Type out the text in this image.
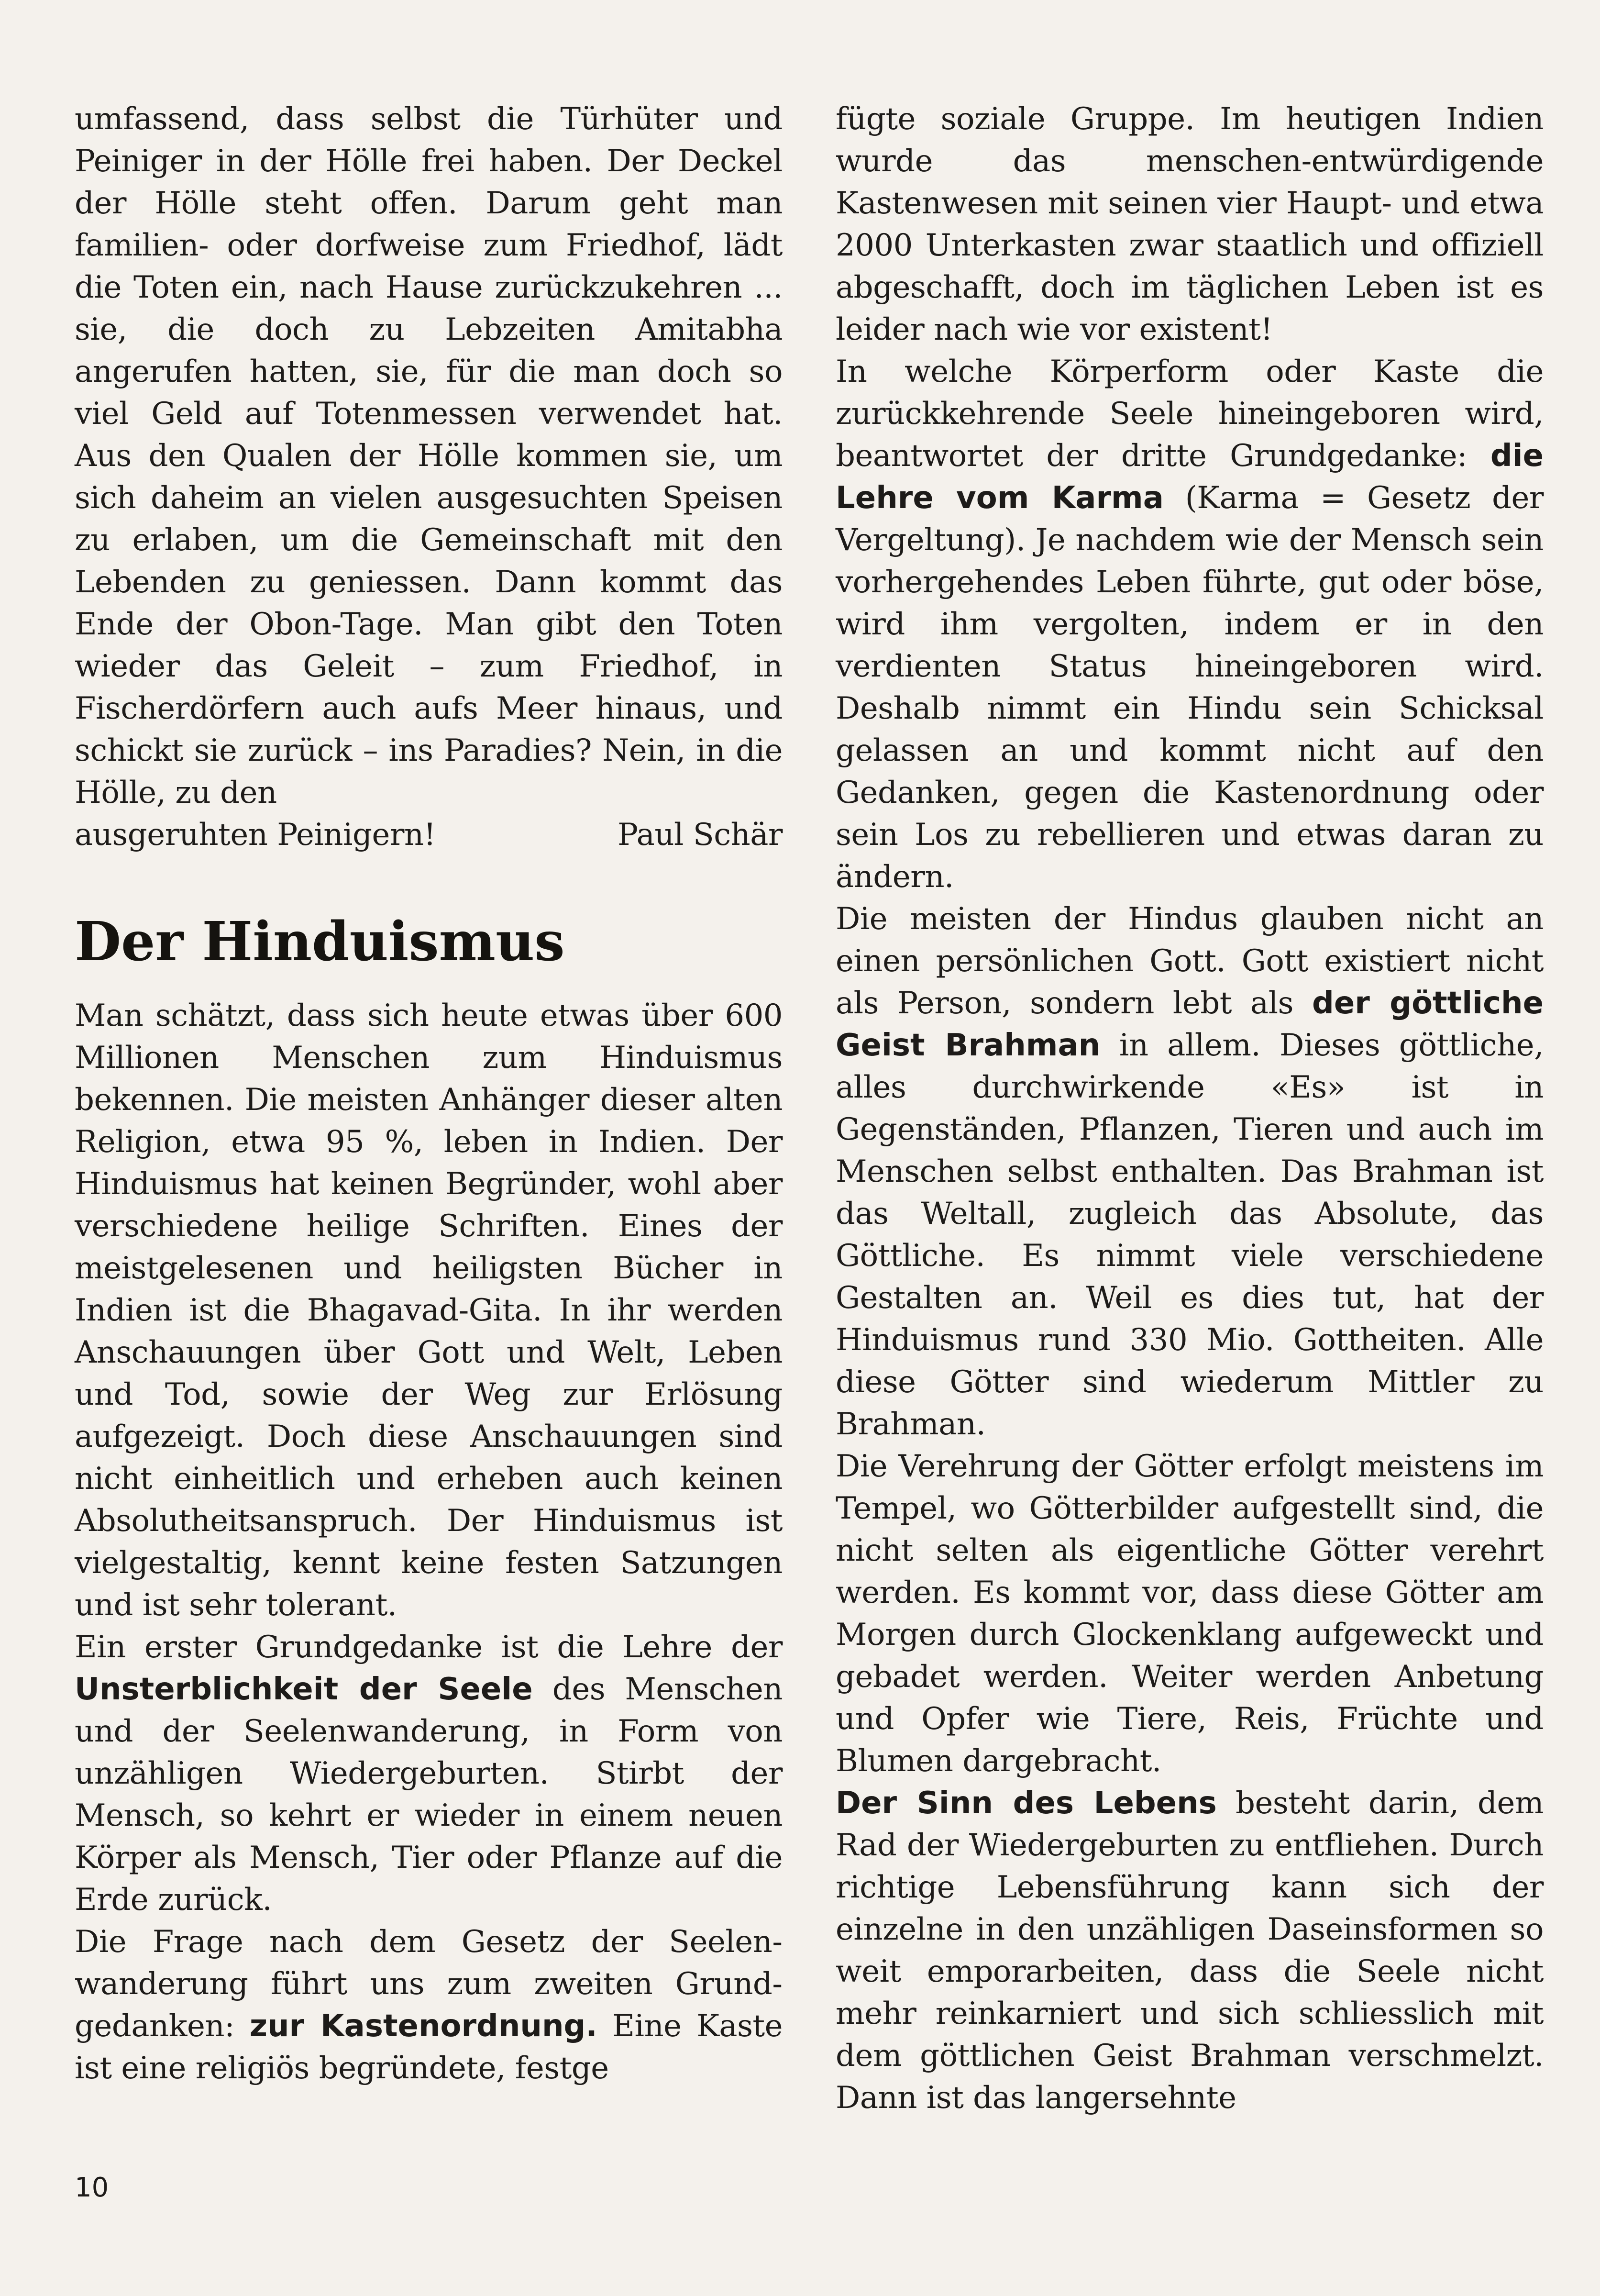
umfassend, dass selbst die Türhüter und Peiniger in der Hölle frei haben. Der Deckel der Hölle steht offen. Darum geht man familien- oder dorfweise zum Friedhof, lädt die Toten ein, nach Hause zurückzukehren ... sie, die doch zu Lebzeiten Amitabha angerufen hatten, sie, für die man doch so viel Geld auf Totenmessen verwendet hat. Aus den Qualen der Hölle kommen sie, um sich daheim an vielen ausgesuchten Speisen zu erlaben, um die Gemeinschaft mit den Lebenden zu geniessen. Dann kommt das Ende der Obon-Tage. Man gibt den Toten wieder das Geleit – zum Friedhof, in Fischerdörfern auch aufs Meer hinaus, und schickt sie zurück – ins Paradies? Nein, in die Hölle, zu den

ausgeruhten Peinigern!	Paul Schär
Der Hinduismus

Man schätzt, dass sich heute etwas über 600 Millionen Menschen zum Hinduismus bekennen. Die meisten Anhänger dieser alten Religion, etwa 95 %, leben in Indien. Der Hinduismus hat keinen Begründer, wohl aber verschiedene heilige Schriften. Eines der meistgelesenen und heiligsten Bücher in Indien ist die Bhagavad-Gita. In ihr werden Anschauungen über Gott und Welt, Leben und Tod, sowie der Weg zur Erlösung aufgezeigt. Doch diese Anschauungen sind nicht einheitlich und erheben auch keinen Absolutheitsanspruch. Der Hinduismus ist vielgestaltig, kennt keine festen Satzungen und ist sehr tolerant.

Ein erster Grundgedanke ist die Lehre der Unsterblichkeit der Seele des Menschen und der Seelenwanderung, in Form von unzähligen Wiedergeburten. Stirbt der Mensch, so kehrt er wieder in einem neuen Körper als Mensch, Tier oder Pflanze auf die Erde zurück.

Die Frage nach dem Gesetz der Seelenwanderung führt uns zum zweiten Grundgedanken: zur Kastenordnung. Eine Kaste ist eine religiös begründete, festge

fügte soziale Gruppe. Im heutigen Indien wurde das menschen-entwürdigende Kastenwesen mit seinen vier Haupt- und etwa 2000 Unterkasten zwar staatlich und offiziell abgeschafft, doch im täglichen Leben ist es leider nach wie vor existent!

In welche Körperform oder Kaste die zurückkehrende Seele hineingeboren wird, beantwortet der dritte Grundgedanke: die Lehre vom Karma (Karma = Gesetz der Vergeltung). Je nachdem wie der Mensch sein vorhergehendes Leben führte, gut oder böse, wird ihm vergolten, indem er in den verdienten Status hineingeboren wird. Deshalb nimmt ein Hindu sein Schicksal gelassen an und kommt nicht auf den Gedanken, gegen die Kastenordnung oder sein Los zu rebellieren und etwas daran zu ändern.

Die meisten der Hindus glauben nicht an einen persönlichen Gott. Gott existiert nicht als Person, sondern lebt als der göttliche Geist Brahman in allem. Dieses göttliche, alles durchwirkende «Es» ist in Gegenständen, Pflanzen, Tieren und auch im Menschen selbst enthalten. Das Brahman ist das Weltall, zugleich das Absolute, das Göttliche. Es nimmt viele verschiedene Gestalten an. Weil es dies tut, hat der Hinduismus rund 330 Mio. Gottheiten. Alle diese Götter sind wiederum Mittler zu Brahman.

Die Verehrung der Götter erfolgt meistens im Tempel, wo Götterbilder aufgestellt sind, die nicht selten als eigentliche Götter verehrt werden. Es kommt vor, dass diese Götter am Morgen durch Glockenklang aufgeweckt und gebadet werden. Weiter werden Anbetung und Opfer wie Tiere, Reis, Früchte und Blumen dargebracht.

Der Sinn des Lebens besteht darin, dem Rad der Wiedergeburten zu entfliehen. Durch richtige Lebensführung kann sich der einzelne in den unzähligen Daseinsformen so weit emporarbeiten, dass die Seele nicht mehr reinkarniert und sich schliesslich mit dem göttlichen Geist Brahman verschmelzt. Dann ist das langersehnte

10
